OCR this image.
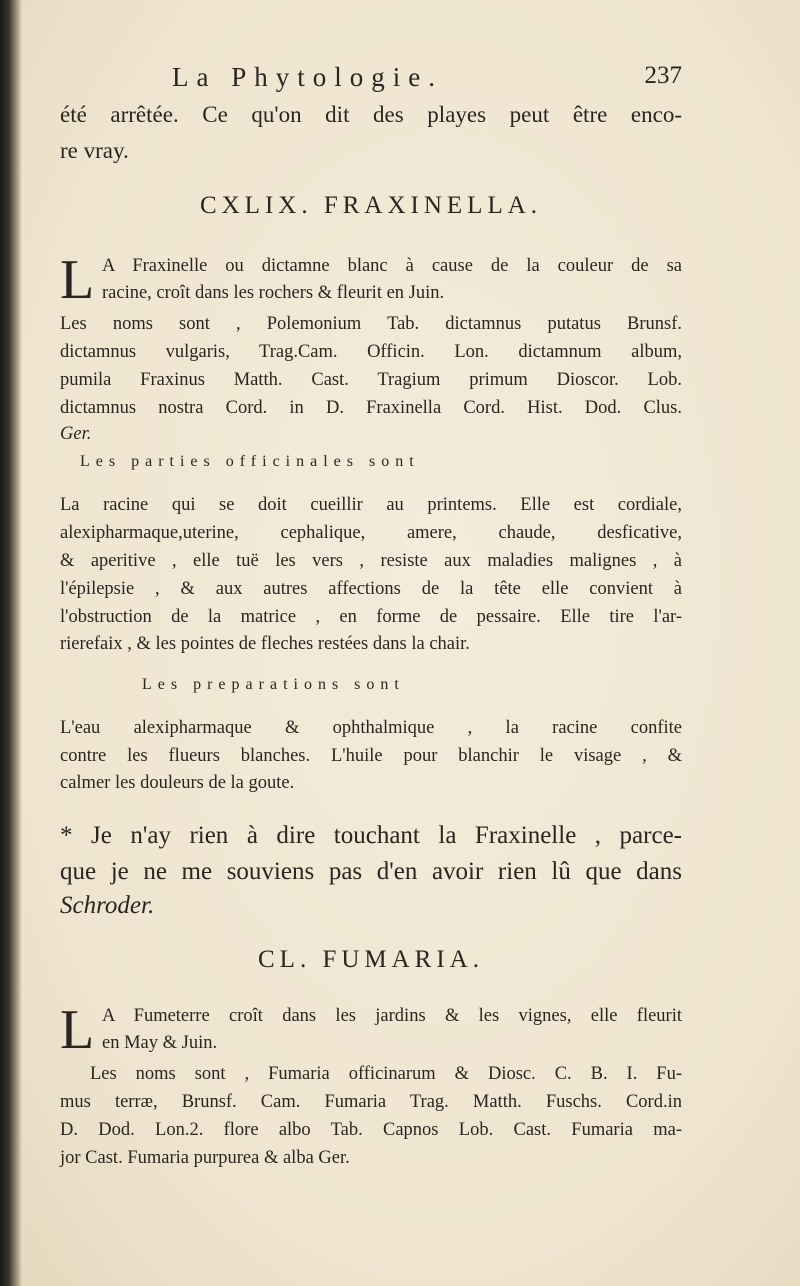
La Phytologie.	237
été arrêtée. Ce qu'on dit des playes peut être enco-
re vray.
CXLIX. FRAXINELLA.
L A Fraxinelle ou dictamne blanc à cause de la couleur de sa
racine, croît dans les rochers & fleurit en Juin.
Les noms sont , Polemonium Tab. dictamnus putatus Brunsf.
dictamnus vulgaris, Trag.Cam. Officin. Lon. dictamnum album,
pumila Fraxinus Matth. Cast. Tragium primum Dioscor. Lob.
dictamnus nostra Cord. in D. Fraxinella Cord. Hist. Dod. Clus.
Ger.
Les parties officinales sont
La racine qui se doit cueillir au printems. Elle est cordiale,
alexipharmaque,uterine, cephalique, amere, chaude, desficative,
& aperitive , elle tuë les vers , resiste aux maladies malignes , à
l'épilepsie , & aux autres affections de la tête elle convient à
l'obstruction de la matrice , en forme de pessaire. Elle tire l'ar-
rierefaix , & les pointes de fleches restées dans la chair.
Les preparations sont
L'eau alexipharmaque & ophthalmique , la racine confite
contre les flueurs blanches. L'huile pour blanchir le visage , &
calmer les douleurs de la goute.
* Je n'ay rien à dire touchant la Fraxinelle , parce-
que je ne me souviens pas d'en avoir rien lû que dans
Schroder.
CL. FUMARIA.
L A Fumeterre croît dans les jardins & les vignes, elle fleurit
en May & Juin.
Les noms sont , Fumaria officinarum & Diosc. C. B. I. Fu-
mus terræ, Brunsf. Cam. Fumaria Trag. Matth. Fuschs. Cord.in
D. Dod. Lon.2. flore albo Tab. Capnos Lob. Cast. Fumaria ma-
jor Cast. Fumaria purpurea & alba Ger.
